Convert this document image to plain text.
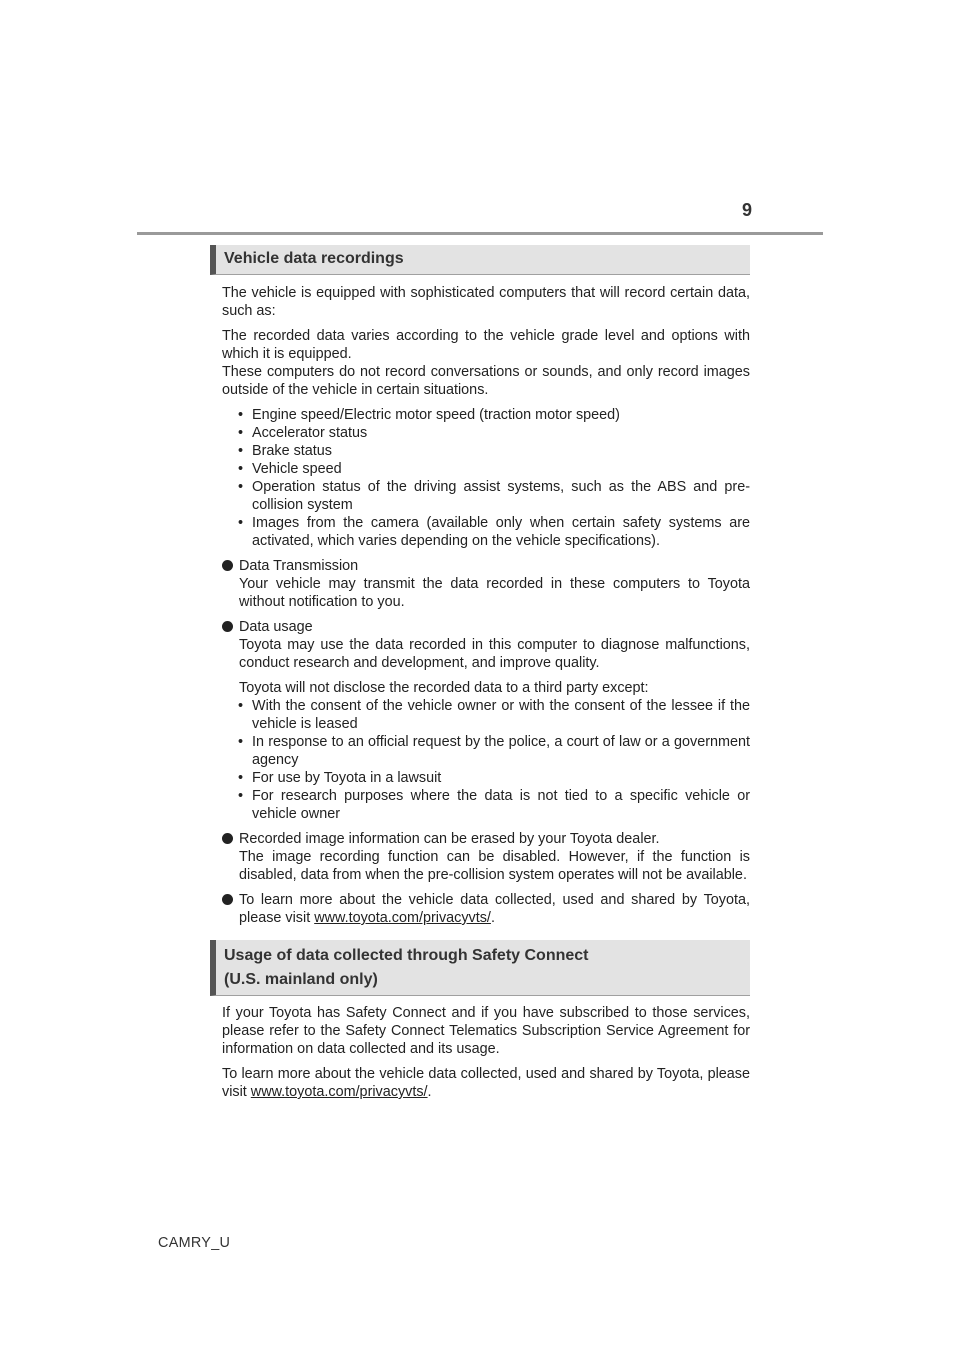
9
Vehicle data recordings

The vehicle is equipped with sophisticated computers that will record certain data, such as:

The recorded data varies according to the vehicle grade level and options with which it is equipped.

These computers do not record conversations or sounds, and only record images outside of the vehicle in certain situations.

• Engine speed/Electric motor speed (traction motor speed)
• Accelerator status
• Brake status
• Vehicle speed
• Operation status of the driving assist systems, such as the ABS and pre-collision system
• Images from the camera (available only when certain safety systems are activated, which varies depending on the vehicle specifications).
Data Transmission
Your vehicle may transmit the data recorded in these computers to Toyota without notification to you.
Data usage
Toyota may use the data recorded in this computer to diagnose malfunctions, conduct research and development, and improve quality.

Toyota will not disclose the recorded data to a third party except:

• With the consent of the vehicle owner or with the consent of the lessee if the vehicle is leased
• In response to an official request by the police, a court of law or a government agency
• For use by Toyota in a lawsuit
• For research purposes where the data is not tied to a specific vehicle or vehicle owner
Recorded image information can be erased by your Toyota dealer.
The image recording function can be disabled. However, if the function is disabled, data from when the pre-collision system operates will not be available.
To learn more about the vehicle data collected, used and shared by Toyota, please visit www.toyota.com/privacyvts/.
Usage of data collected through Safety Connect
(U.S. mainland only)

If your Toyota has Safety Connect and if you have subscribed to those services, please refer to the Safety Connect Telematics Subscription Service Agreement for information on data collected and its usage.

To learn more about the vehicle data collected, used and shared by Toyota, please visit www.toyota.com/privacyvts/.

CAMRY_U
